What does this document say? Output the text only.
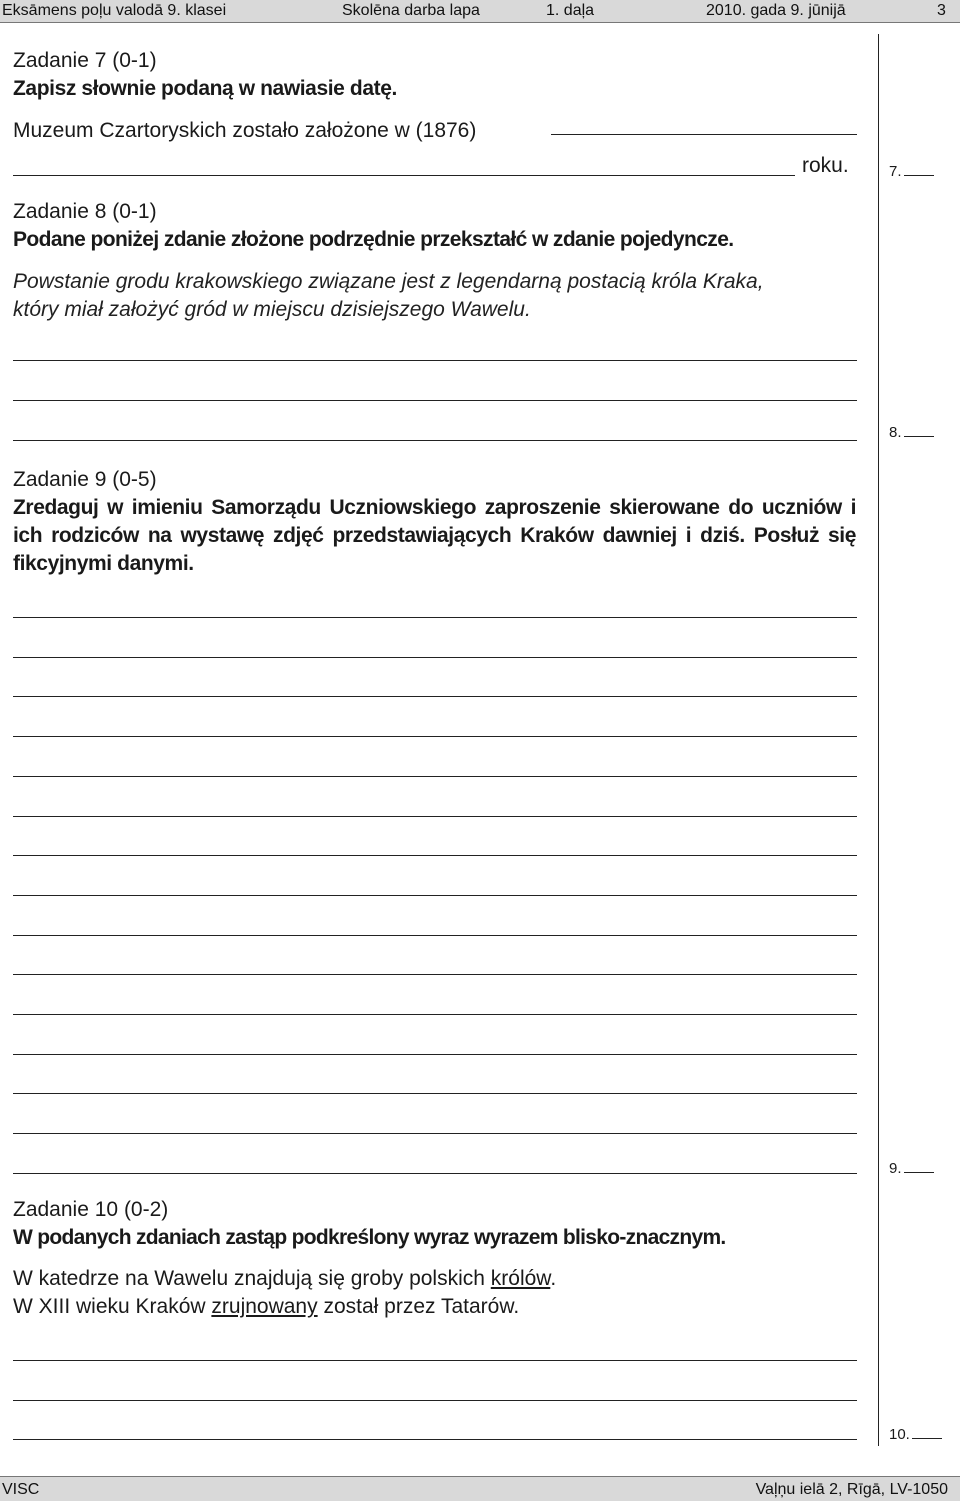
Eksāmens poļu valodā 9. klasei	Skolēna darba lapa	1. daļa	2010. gada 9. jūnijā	3
7.
8.
9.
10.
Zadanie 7 (0-1)
Zapisz słownie podaną w nawiasie datę.
Muzeum Czartoryskich zostało założone w (1876)
roku.
Zadanie 8 (0-1)
Podane poniżej zdanie złożone podrzędnie przekształć w zdanie pojedyncze.
Powstanie grodu krakowskiego związane jest z legendarną postacią króla Kraka,
który miał założyć gród w miejscu dzisiejszego Wawelu.
Zadanie 9 (0-5)
Zredaguj w imieniu Samorządu Uczniowskiego zaproszenie skierowane do uczniów i ich rodziców na wystawę zdjęć przedstawiających Kraków dawniej i dziś. Posłuż się fikcyjnymi danymi.
Zadanie 10 (0-2)
W podanych zdaniach zastąp podkreślony wyraz wyrazem blisko-znacznym.
W katedrze na Wawelu znajdują się groby polskich królów.
W XIII wieku Kraków zrujnowany został przez Tatarów.
VISC	Vaļņu ielā 2, Rīgā, LV-1050
